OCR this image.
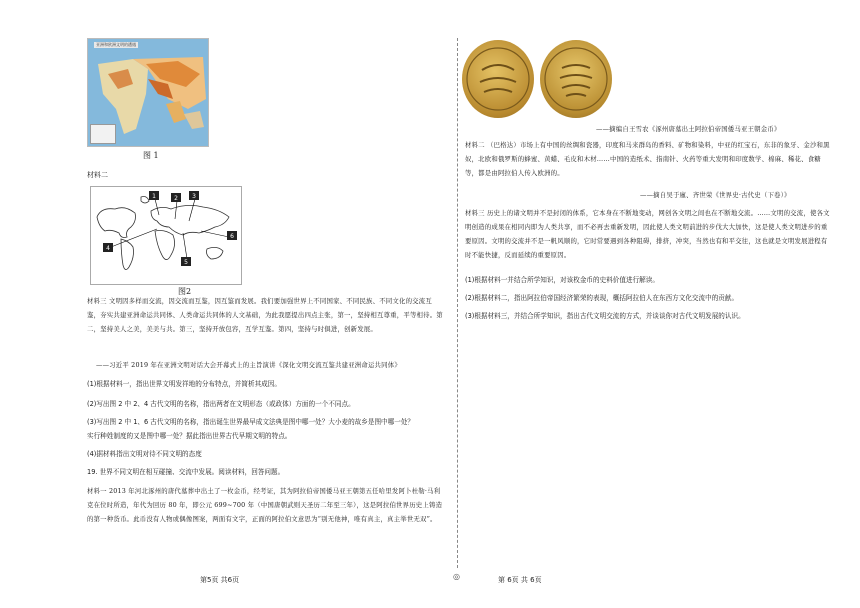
亚洲和欧洲文明的遭遇
图 1
材料二
1	2 3
4
5
6
图2
材料三 文明因多样而交流，因交流而互鉴，因互鉴而发展。我们要加强世界上不同国家、不同民族、不同文化的交流互鉴，夯实共建亚洲命运共同体、人类命运共同体的人文基础，为此我愿提出四点主张，第一，坚持相互尊重，平等相待。第二，坚持美人之美，美美与共。第三，坚持开放包容，互学互鉴。第四，坚持与时俱进，创新发展。
——习近平 2019 年在亚洲文明对话大会开幕式上的主旨演讲《深化文明交流互鉴共建亚洲命运共同体》
(1)根据材料一，指出世界文明发祥地的分布特点，并简析其成因。
(2)写出图 2 中 2、4 古代文明的名称，指出两者在文明形态（或政体）方面的一个不同点。
(3)写出图 2 中 1、6 古代文明的名称，指出诞生世界最早成文法典是图中哪一处？大小麦的故乡是图中哪一处？
实行种姓制度的又是图中哪一处？据此指出世界古代早期文明的特点。
(4)据材料指出文明对待不同文明的态度
19. 世界不同文明在相互碰撞、交流中发展。阅读材料，回答问题。
材料一 2013 年河北涿州的唐代墓葬中出土了一枚金币，经考证，其为阿拉伯帝国倭马亚王朝第五任哈里发阿卜杜勒·马利克在位时所造，年代为回历 80 年，即公元 699~700 年（中国唐朝武则天圣历二年至三年），这是阿拉伯世界历史上铸造的第一种货币。此币没有人物或偶像图案，两面有文字，正面的阿拉伯文意思为“别无他神，唯有真主，真主举世无双”。
第5页 共6页	◎
——摘编自王雪农《涿州唐墓出土阿拉伯帝国倭马亚王朝金币》
材料二 （巴格达）市场上有中国的丝绸和瓷器，印度和马来群岛的香料、矿物和染料，中亚的红宝石，东非的象牙、金沙和黑奴，北欧和俄罗斯的蜂蜜、黄蜡、毛皮和木材……中国的造纸术、指南针、火药等重大发明和印度数学、棉麻、稀花、食糖等，都是由阿拉伯人传入欧洲的。
——摘自吴于廑、齐世荣《世界史·古代史（下卷）》
材料三 历史上的诸文明并不是封闭的体系，它本身在不断地变动，网创各文明之间也在不断地交流。……文明的交流，使各文明创造的成果在相同内即为人类共享，而不必再去重新发明，因此使人类文明前进的步伐大大加快，这是使人类文明进步的重要原因。文明的交流并不是一帆风顺的，它时常要遇到各种阻碍，排挤，冲突，当然也有和平交往，这也就是文明发展进程有时不能快捷，反而延续的重要原因。
(1)根据材料一并结合所学知识，对该枚金币的史料价值进行解读。
(2)根据材料二，指出阿拉伯帝国经济繁荣的表现，概括阿拉伯人在东西方文化交流中的贡献。
(3)根据材料三，并结合所学知识，指出古代文明交流的方式，并谈谈你对古代文明发展的认识。
第 6页 共 6页
